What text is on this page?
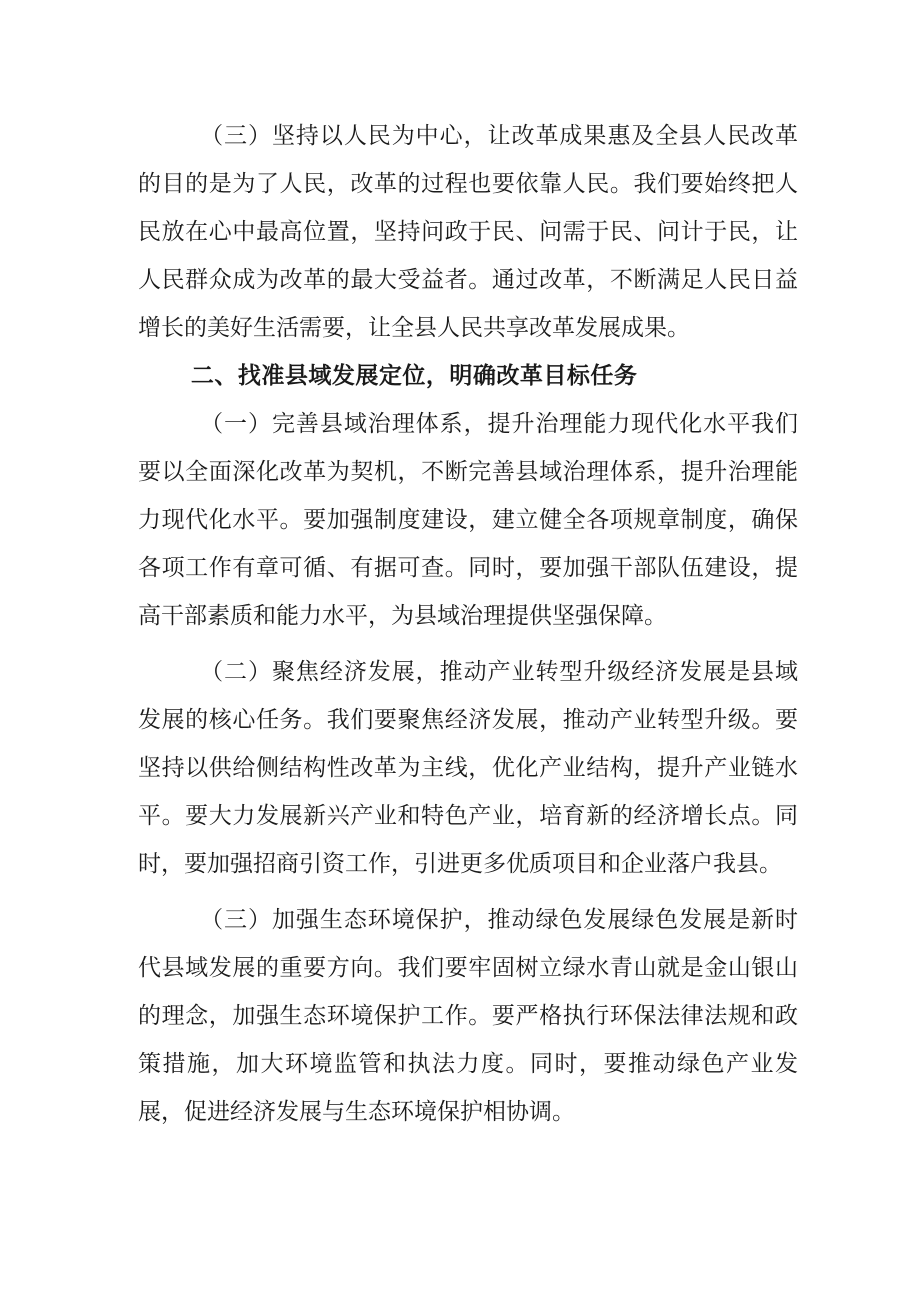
（三）坚持以人民为中心，让改革成果惠及全县人民改革的目的是为了人民，改革的过程也要依靠人民。我们要始终把人民放在心中最高位置，坚持问政于民、问需于民、问计于民，让人民群众成为改革的最大受益者。通过改革，不断满足人民日益增长的美好生活需要，让全县人民共享改革发展成果。

二、找准县域发展定位，明确改革目标任务

（一）完善县域治理体系，提升治理能力现代化水平我们要以全面深化改革为契机，不断完善县域治理体系，提升治理能力现代化水平。要加强制度建设，建立健全各项规章制度，确保各项工作有章可循、有据可查。同时，要加强干部队伍建设，提高干部素质和能力水平，为县域治理提供坚强保障。

（二）聚焦经济发展，推动产业转型升级经济发展是县域发展的核心任务。我们要聚焦经济发展，推动产业转型升级。要坚持以供给侧结构性改革为主线，优化产业结构，提升产业链水平。要大力发展新兴产业和特色产业，培育新的经济增长点。同时，要加强招商引资工作，引进更多优质项目和企业落户我县。

（三）加强生态环境保护，推动绿色发展绿色发展是新时代县域发展的重要方向。我们要牢固树立绿水青山就是金山银山的理念，加强生态环境保护工作。要严格执行环保法律法规和政策措施，加大环境监管和执法力度。同时，要推动绿色产业发展，促进经济发展与生态环境保护相协调。
